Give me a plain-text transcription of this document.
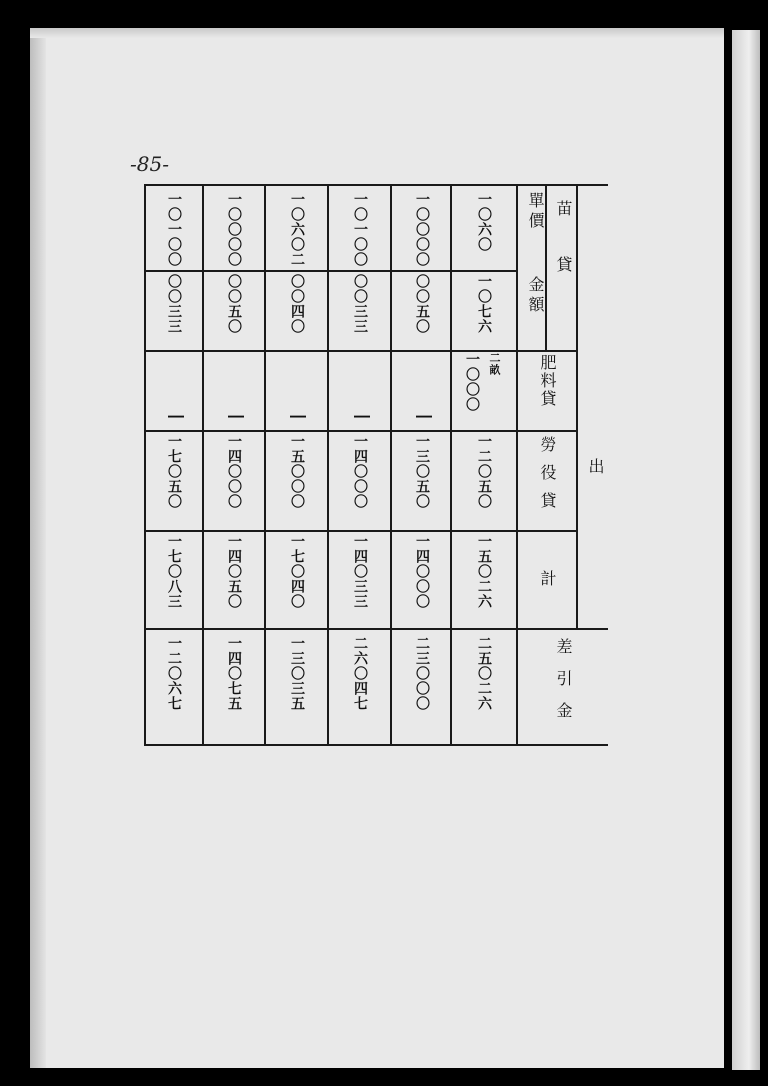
-85-
出
苗貸
單價
金額
肥料貸
勞役貸
計
差引金
一〇六〇
一〇七六
二畝
一〇〇〇
一二〇五〇
一五〇二六
二五〇二六
一〇〇〇〇
〇〇五〇
―
一三〇五〇
一四〇〇〇
二三〇〇〇
一〇一〇〇
〇〇三三
―
一四〇〇〇
一四〇三三
二六〇四七
一〇六〇二
〇〇四〇
―
一五〇〇〇
一七〇四〇
一三〇三五
一〇〇〇〇
〇〇五〇
―
一四〇〇〇
一四〇五〇
一四〇七五
一〇一〇〇
〇〇三三
―
一七〇五〇
一七〇八三
一二〇六七
